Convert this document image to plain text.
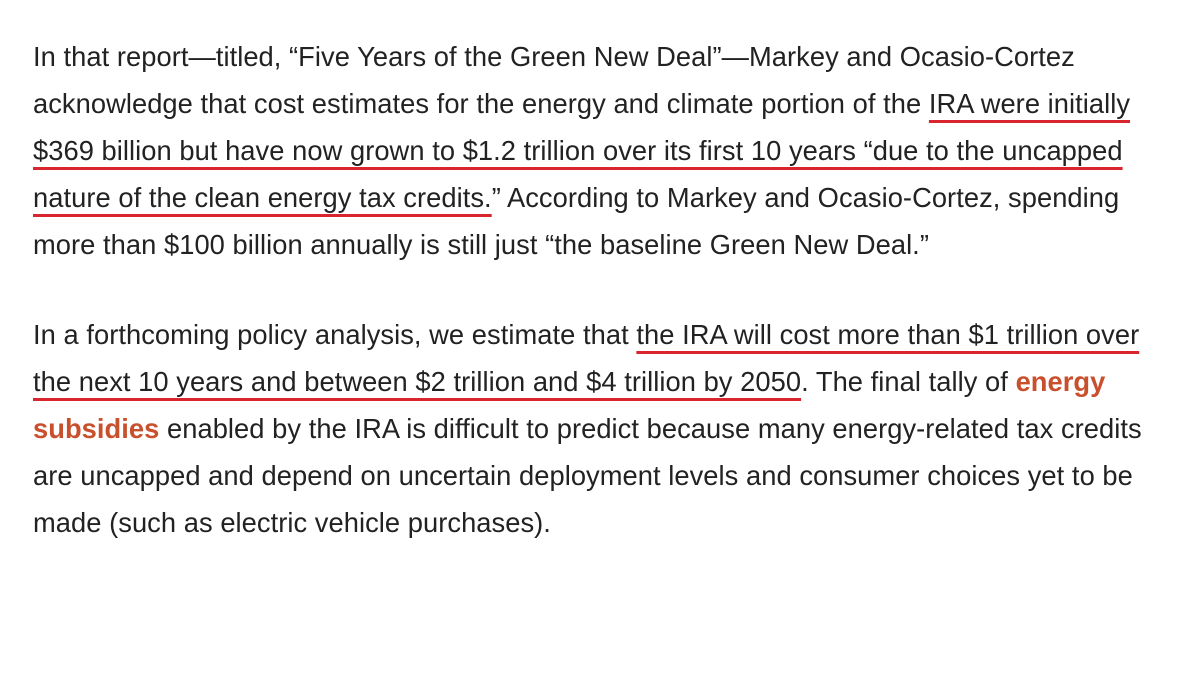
In that report—titled, “Five Years of the Green New Deal”—Markey and Ocasio-Cortez acknowledge that cost estimates for the energy and climate portion of the IRA were initially $369 billion but have now grown to $1.2 trillion over its first 10 years “due to the uncapped nature of the clean energy tax credits.” According to Markey and Ocasio-Cortez, spending more than $100 billion annually is still just “the baseline Green New Deal.”

In a forthcoming policy analysis, we estimate that the IRA will cost more than $1 trillion over the next 10 years and between $2 trillion and $4 trillion by 2050. The final tally of energy subsidies enabled by the IRA is difficult to predict because many energy-related tax credits are uncapped and depend on uncertain deployment levels and consumer choices yet to be made (such as electric vehicle purchases).
